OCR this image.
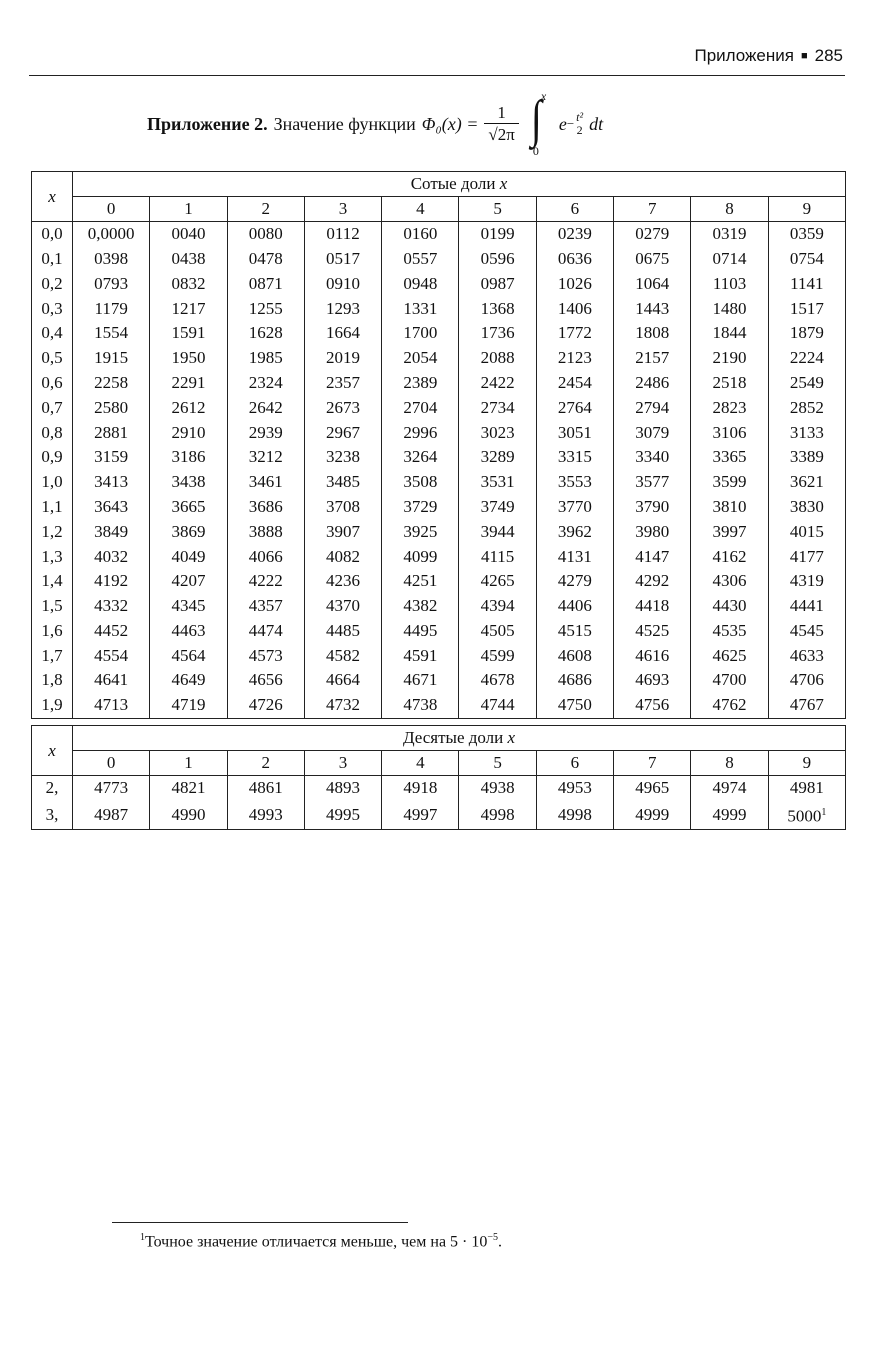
Приложения ■ 285
Приложение 2. Значение функции $\Phi_0(x) = \frac{1}{√2\pi}$ ∫ x
0
e − t²
2 dt
x	Сотые доли x									
	0	1	2	3	4	5	6	7	8	9
0,0	0,0000	0040	0080	0112	0160	0199	0239	0279	0319	0359
0,1	0398	0438	0478	0517	0557	0596	0636	0675	0714	0754
0,2	0793	0832	0871	0910	0948	0987	1026	1064	1103	1141
0,3	1179	1217	1255	1293	1331	1368	1406	1443	1480	1517
0,4	1554	1591	1628	1664	1700	1736	1772	1808	1844	1879
0,5	1915	1950	1985	2019	2054	2088	2123	2157	2190	2224
0,6	2258	2291	2324	2357	2389	2422	2454	2486	2518	2549
0,7	2580	2612	2642	2673	2704	2734	2764	2794	2823	2852
0,8	2881	2910	2939	2967	2996	3023	3051	3079	3106	3133
0,9	3159	3186	3212	3238	3264	3289	3315	3340	3365	3389
1,0	3413	3438	3461	3485	3508	3531	3553	3577	3599	3621
1,1	3643	3665	3686	3708	3729	3749	3770	3790	3810	3830
1,2	3849	3869	3888	3907	3925	3944	3962	3980	3997	4015
1,3	4032	4049	4066	4082	4099	4115	4131	4147	4162	4177
1,4	4192	4207	4222	4236	4251	4265	4279	4292	4306	4319
1,5	4332	4345	4357	4370	4382	4394	4406	4418	4430	4441
1,6	4452	4463	4474	4485	4495	4505	4515	4525	4535	4545
1,7	4554	4564	4573	4582	4591	4599	4608	4616	4625	4633
1,8	4641	4649	4656	4664	4671	4678	4686	4693	4700	4706
1,9	4713	4719	4726	4732	4738	4744	4750	4756	4762	4767
x	Десятые доли x									
	0	1	2	3	4	5	6	7	8	9
2,	4773	4821	4861	4893	4918	4938	4953	4965	4974	4981
3,	4987	4990	4993	4995	4997	4998	4998	4999	4999	5000$^1$
$^1$Точное значение отличается меньше, чем на $5 \cdot 10^{-5}$.
